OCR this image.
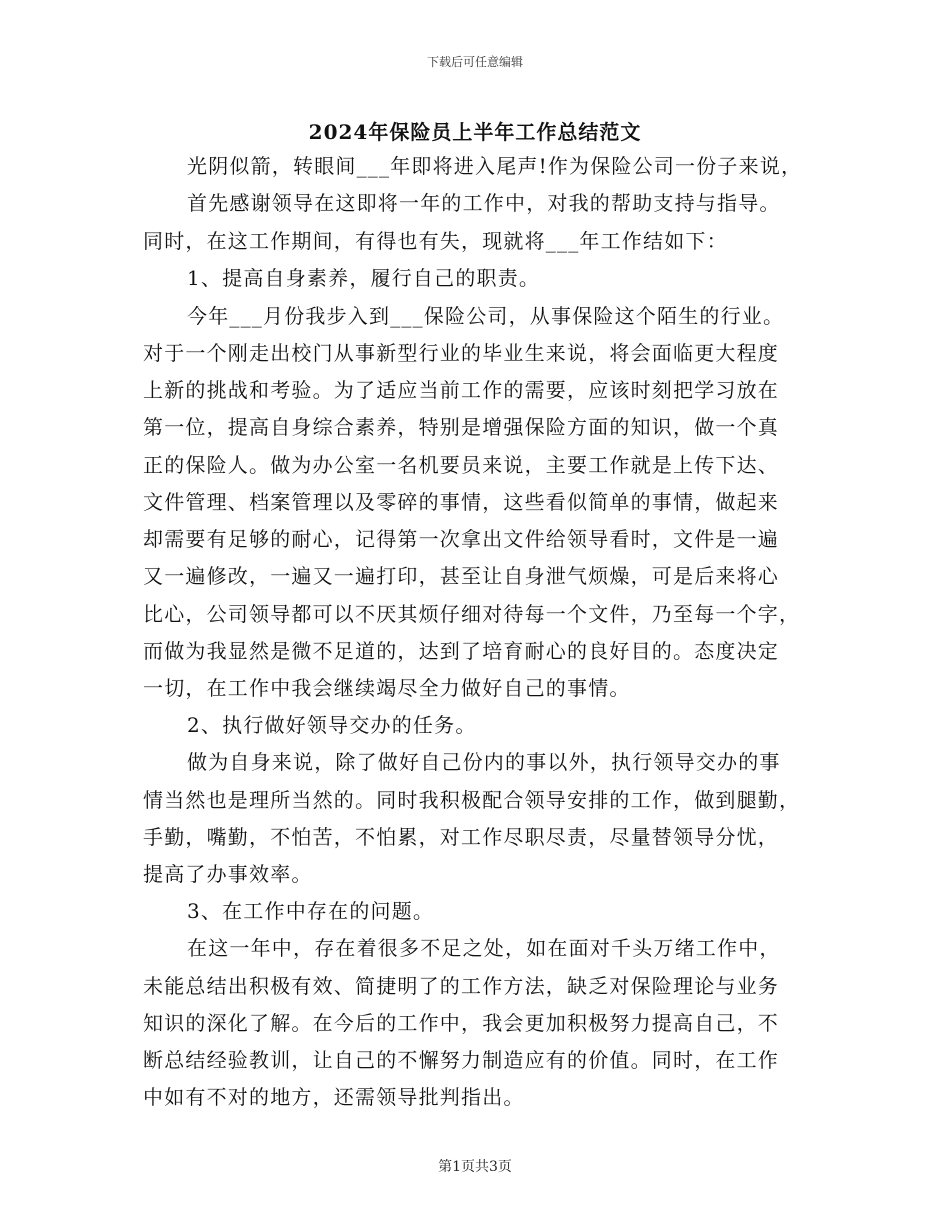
下载后可任意编辑
2024年保险员上半年工作总结范文
光阴似箭，转眼间___年即将进入尾声!作为保险公司一份子来说，
首先感谢领导在这即将一年的工作中，对我的帮助支持与指导。
同时，在这工作期间，有得也有失，现就将___年工作结如下：
1、提高自身素养，履行自己的职责。
今年___月份我步入到___保险公司，从事保险这个陌生的行业。
对于一个刚走出校门从事新型行业的毕业生来说，将会面临更大程度
上新的挑战和考验。为了适应当前工作的需要，应该时刻把学习放在
第一位，提高自身综合素养，特别是增强保险方面的知识，做一个真
正的保险人。做为办公室一名机要员来说，主要工作就是上传下达、
文件管理、档案管理以及零碎的事情，这些看似简单的事情，做起来
却需要有足够的耐心，记得第一次拿出文件给领导看时，文件是一遍
又一遍修改，一遍又一遍打印，甚至让自身泄气烦燥，可是后来将心
比心，公司领导都可以不厌其烦仔细对待每一个文件，乃至每一个字，
而做为我显然是微不足道的，达到了培育耐心的良好目的。态度决定
一切，在工作中我会继续竭尽全力做好自己的事情。
2、执行做好领导交办的任务。
做为自身来说，除了做好自己份内的事以外，执行领导交办的事
情当然也是理所当然的。同时我积极配合领导安排的工作，做到腿勤，
手勤，嘴勤，不怕苦，不怕累，对工作尽职尽责，尽量替领导分忧，
提高了办事效率。
3、在工作中存在的问题。
在这一年中，存在着很多不足之处，如在面对千头万绪工作中，
未能总结出积极有效、简捷明了的工作方法，缺乏对保险理论与业务
知识的深化了解。在今后的工作中，我会更加积极努力提高自己，不
断总结经验教训，让自己的不懈努力制造应有的价值。同时，在工作
中如有不对的地方，还需领导批判指出。
第1页共3页
